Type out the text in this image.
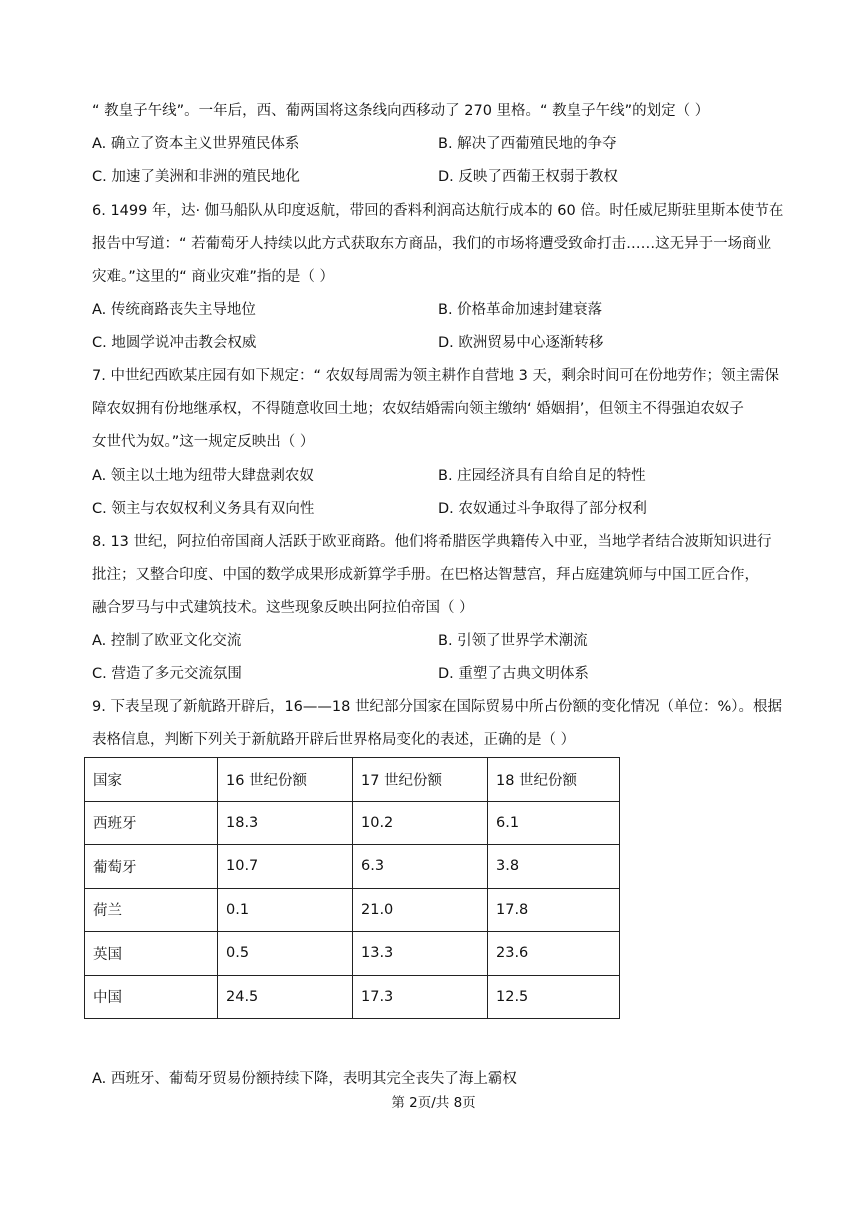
“ 教皇子午线”。一年后，西、葡两国将这条线向西移动了 270 里格。“ 教皇子午线”的划定（ ）
A. 确立了资本主义世界殖民体系	B. 解决了西葡殖民地的争夺
C. 加速了美洲和非洲的殖民地化	D. 反映了西葡王权弱于教权
6. 1499 年，达· 伽马船队从印度返航，带回的香料利润高达航行成本的 60 倍。时任威尼斯驻里斯本使节在
报告中写道：“ 若葡萄牙人持续以此方式获取东方商品，我们的市场将遭受致命打击……这无异于一场商业
灾难。”这里的“ 商业灾难”指的是（ ）
A. 传统商路丧失主导地位	B. 价格革命加速封建衰落
C. 地圆学说冲击教会权威	D. 欧洲贸易中心逐渐转移
7. 中世纪西欧某庄园有如下规定：“ 农奴每周需为领主耕作自营地 3 天，剩余时间可在份地劳作；领主需保
障农奴拥有份地继承权，不得随意收回土地；农奴结婚需向领主缴纳‘ 婚姻捐’，但领主不得强迫农奴子
女世代为奴。”这一规定反映出（ ）
A. 领主以土地为纽带大肆盘剥农奴	B. 庄园经济具有自给自足的特性
C. 领主与农奴权利义务具有双向性	D. 农奴通过斗争取得了部分权利
8. 13 世纪，阿拉伯帝国商人活跃于欧亚商路。他们将希腊医学典籍传入中亚，当地学者结合波斯知识进行
批注；又整合印度、中国的数学成果形成新算学手册。在巴格达智慧宫，拜占庭建筑师与中国工匠合作，
融合罗马与中式建筑技术。这些现象反映出阿拉伯帝国（ ）
A. 控制了欧亚文化交流	B. 引领了世界学术潮流
C. 营造了多元交流氛围	D. 重塑了古典文明体系
9. 下表呈现了新航路开辟后，16——18 世纪部分国家在国际贸易中所占份额的变化情况（单位：%）。根据
表格信息，判断下列关于新航路开辟后世界格局变化的表述，正确的是（ ）
国家	16 世纪份额	17 世纪份额	18 世纪份额
西班牙	18.3	10.2	6.1
葡萄牙	10.7	6.3	3.8
荷兰	0.1	21.0	17.8
英国	0.5	13.3	23.6
中国	24.5	17.3	12.5
A. 西班牙、葡萄牙贸易份额持续下降，表明其完全丧失了海上霸权
第 2页/共 8页
